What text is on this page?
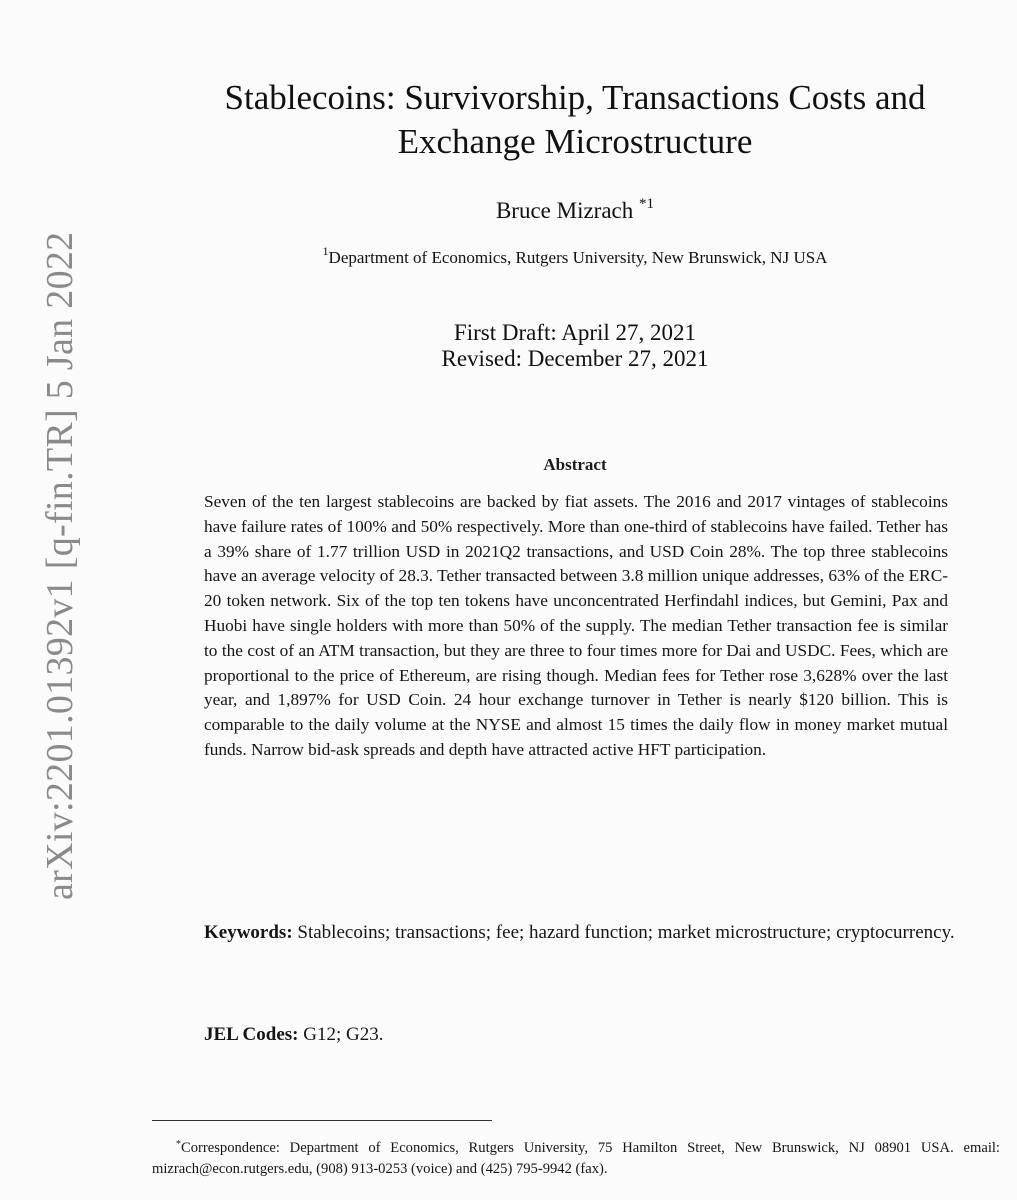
arXiv:2201.01392v1 [q-fin.TR] 5 Jan 2022
Stablecoins: Survivorship, Transactions Costs and
Exchange Microstructure
Bruce Mizrach $^{*1}$
$^1$Department of Economics, Rutgers University, New Brunswick, NJ USA
First Draft: April 27, 2021
Revised: December 27, 2021
Abstract
Seven of the ten largest stablecoins are backed by fiat assets. The 2016 and 2017 vintages of stablecoins have failure rates of 100% and 50% respectively. More than one-third of stablecoins have failed. Tether has a 39% share of 1.77 trillion USD in 2021Q2 transactions, and USD Coin 28%. The top three stablecoins have an average velocity of 28.3. Tether transacted between 3.8 million unique addresses, 63% of the ERC-20 token network. Six of the top ten tokens have unconcentrated Herfindahl indices, but Gemini, Pax and Huobi have single holders with more than 50% of the supply. The median Tether transaction fee is similar to the cost of an ATM transaction, but they are three to four times more for Dai and USDC. Fees, which are proportional to the price of Ethereum, are rising though. Median fees for Tether rose 3,628% over the last year, and 1,897% for USD Coin. 24 hour exchange turnover in Tether is nearly $120 billion. This is comparable to the daily volume at the NYSE and almost 15 times the daily flow in money market mutual funds. Narrow bid-ask spreads and depth have attracted active HFT participation.
Keywords: Stablecoins; transactions; fee; hazard function; market microstructure; cryptocurrency.
JEL Codes: G12; G23.
*Correspondence: Department of Economics, Rutgers University, 75 Hamilton Street, New Brunswick, NJ 08901 USA. email: mizrach@econ.rutgers.edu, (908) 913-0253 (voice) and (425) 795-9942 (fax).
